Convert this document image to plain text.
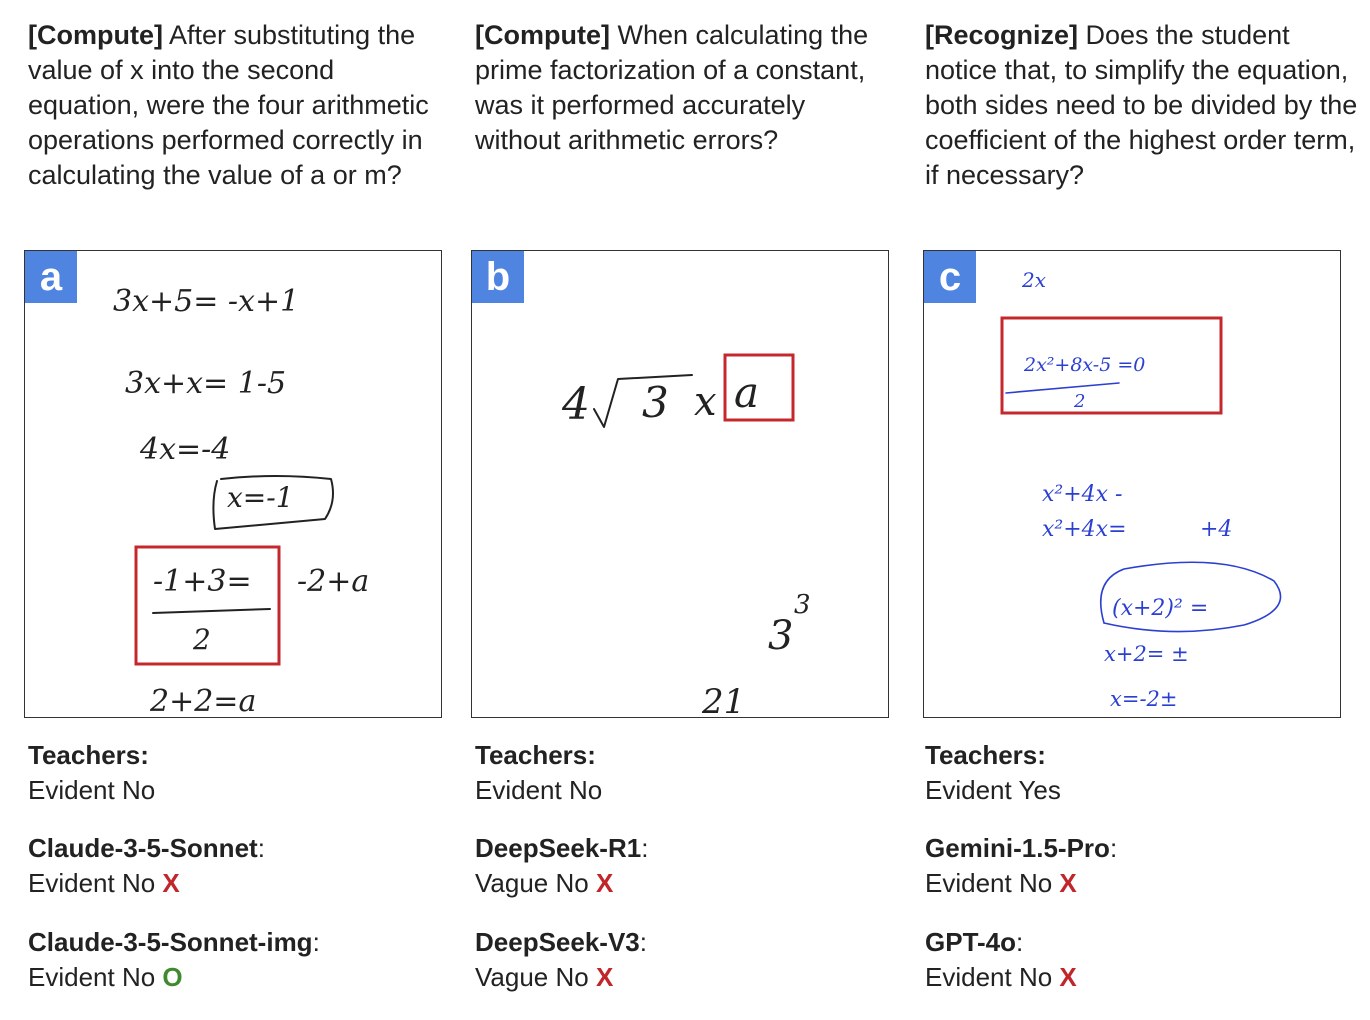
[Compute] After substituting the value of x into the second equation, were the four arithmetic operations performed correctly in calculating the value of a or m?
a
3x+5= -x+1
3x+x= 1-5
4x=-4
x=-1
-1+3=
2
-2+a
2+2=a
Teachers:
Evident No
Claude-3-5-Sonnet:
Evident No X
Claude-3-5-Sonnet-img:
Evident No O
[Compute] When calculating the prime factorization of a constant, was it performed accurately without arithmetic errors?
b
4 3 x a
3
3
21
Teachers:
Evident No
DeepSeek-R1:
Vague No X
DeepSeek-V3:
Vague No X
[Recognize] Does the student notice that, to simplify the equation, both sides need to be divided by the coefficient of the highest order term, if necessary?
c	2x
2x²+8x-5 =0
2
x²+4x -
x²+4x=	+4
(x+2)² =
x+2= ±
x=-2±
Teachers:
Evident Yes
Gemini-1.5-Pro:
Evident No X
GPT-4o:
Evident No X
